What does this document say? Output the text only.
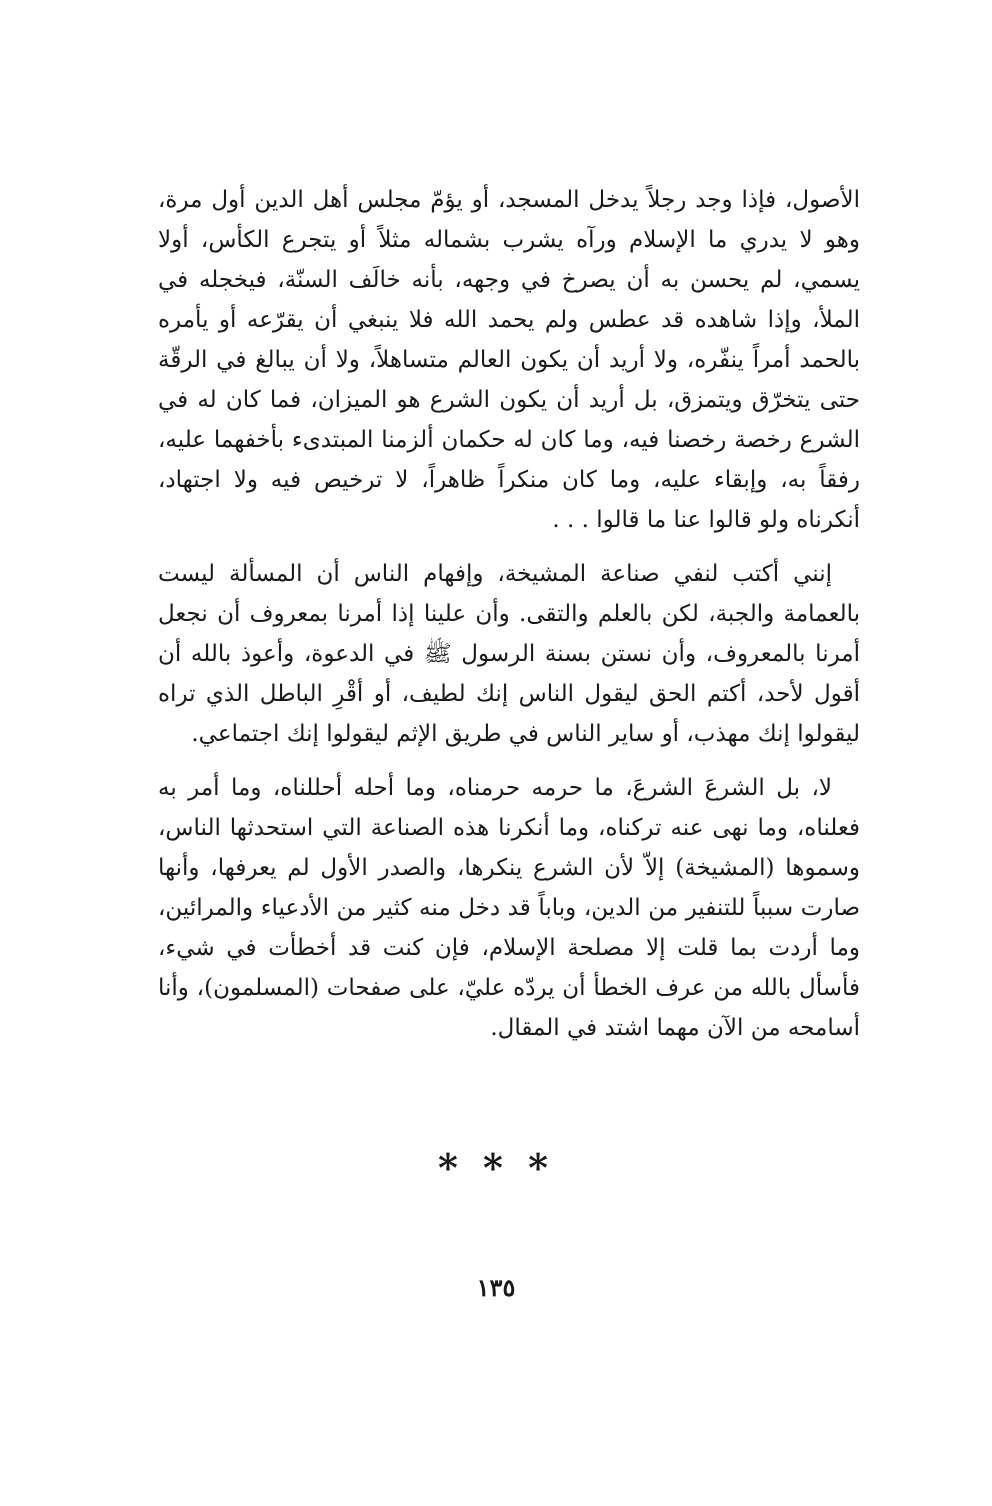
الأصول، فإذا وجد رجلاً يدخل المسجد، أو يؤمّ مجلس أهل الدين أول مرة، وهو لا يدري ما الإسلام ورآه يشرب بشماله مثلاً أو يتجرع الكأس، أولا يسمي، لم يحسن به أن يصرخ في وجهه، بأنه خالَف السنّة، فيخجله في الملأ، وإذا شاهده قد عطس ولم يحمد الله فلا ينبغي أن يقرّعه أو يأمره بالحمد أمراً ينفّره، ولا أريد أن يكون العالم متساهلاً، ولا أن يبالغ في الرقّة حتى يتخرّق ويتمزق، بل أريد أن يكون الشرع هو الميزان، فما كان له في الشرع رخصة رخصنا فيه، وما كان له حكمان ألزمنا المبتدىء بأخفهما عليه، رفقاً به، وإبقاء عليه، وما كان منكراً ظاهراً، لا ترخيص فيه ولا اجتهاد، أنكرناه ولو قالوا عنا ما قالوا . . .

إنني أكتب لنفي صناعة المشيخة، وإفهام الناس أن المسألة ليست بالعمامة والجبة، لكن بالعلم والتقى. وأن علينا إذا أمرنا بمعروف أن نجعل أمرنا بالمعروف، وأن نستن بسنة الرسول ﷺ في الدعوة، وأعوذ بالله أن أقول لأحد، أكتم الحق ليقول الناس إنك لطيف، أو أقْرِ الباطل الذي تراه ليقولوا إنك مهذب، أو ساير الناس في طريق الإثم ليقولوا إنك اجتماعي.

لا، بل الشرعَ الشرعَ، ما حرمه حرمناه، وما أحله أحللناه، وما أمر به فعلناه، وما نهى عنه تركناه، وما أنكرنا هذه الصناعة التي استحدثها الناس، وسموها (المشيخة) إلاّ لأن الشرع ينكرها، والصدر الأول لم يعرفها، وأنها صارت سبباً للتنفير من الدين، وباباً قد دخل منه كثير من الأدعياء والمرائين، وما أردت بما قلت إلا مصلحة الإسلام، فإن كنت قد أخطأت في شيء، فأسأل بالله من عرف الخطأ أن يردّه عليّ، على صفحات (المسلمون)، وأنا أسامحه من الآن مهما اشتد في المقال.

* * *
١٣٥
